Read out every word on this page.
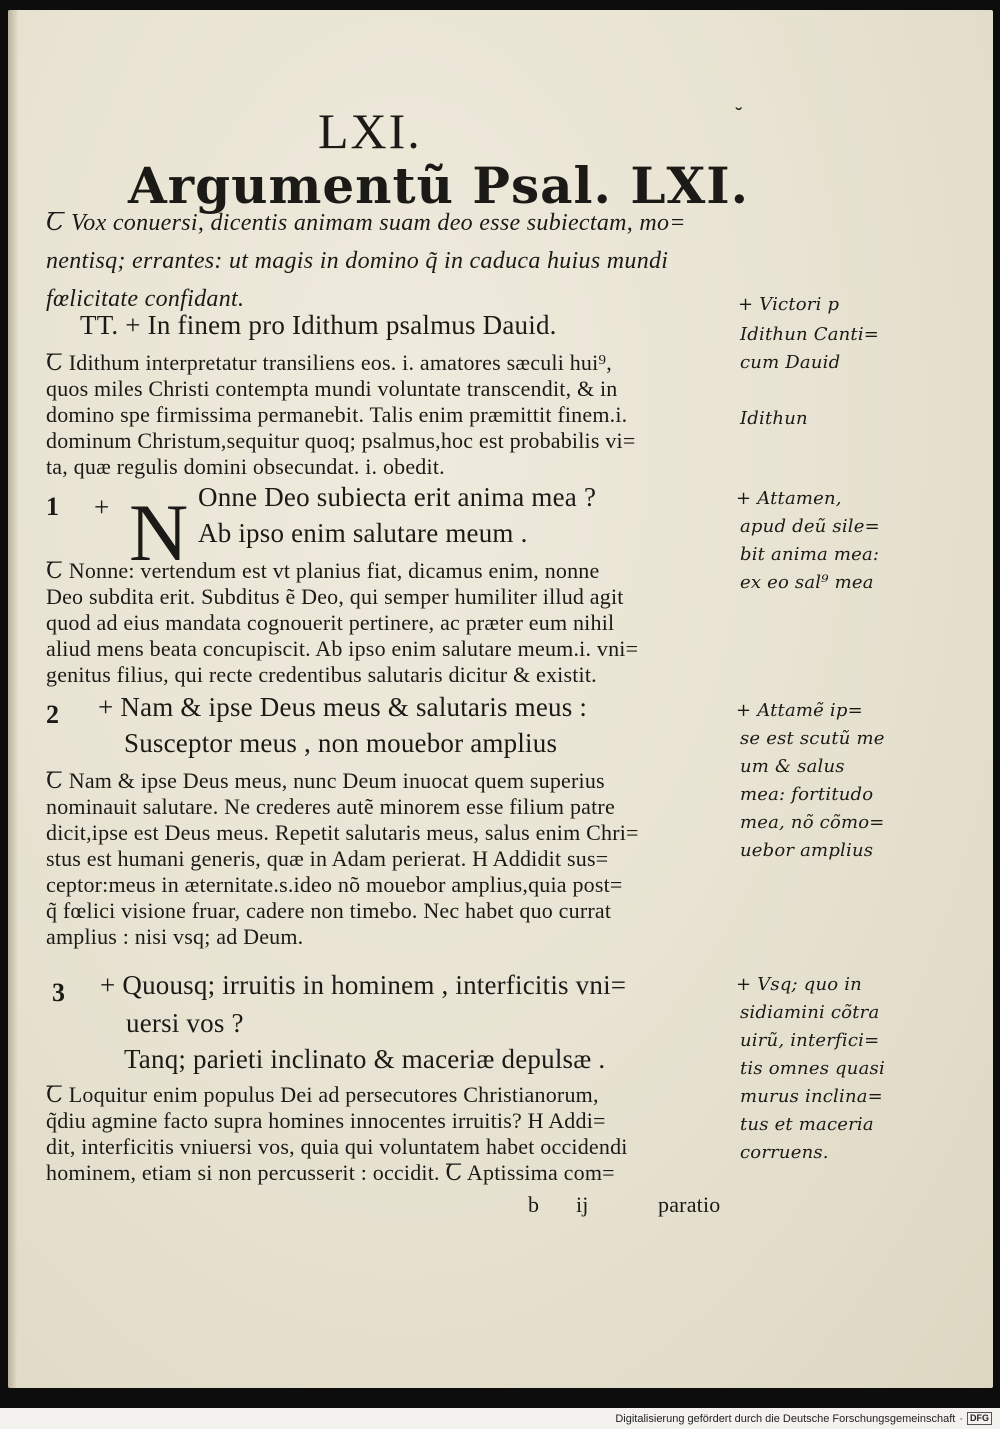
LXI.	˘
Argumentũ Psal. LXI.
Ꞇ Vox conuersi, dicentis animam suam deo esse subiectam, mo=
nentisq; errantes: ut magis in domino q̃ in caduca huius mundi
fœlicitate confidant.
TT. + In finem pro Idithum psalmus Dauid.
Ꞇ Idithum interpretatur transiliens eos. i. amatores sæculi hui⁹,
quos miles Christi contempta mundi voluntate transcendit, & in
domino spe firmissima permanebit. Talis enim præmittit finem.i.
dominum Christum,sequitur quoq; psalmus,hoc est probabilis vi=
ta, quæ regulis domini obsecundat. i. obedit.
1 + N Onne Deo subiecta erit anima mea ?
Ab ipso enim salutare meum .
Ꞇ Nonne: vertendum est vt planius fiat, dicamus enim, nonne
Deo subdita erit. Subditus ẽ Deo, qui semper humiliter illud agit
quod ad eius mandata cognouerit pertinere, ac præter eum nihil
aliud mens beata concupiscit. Ab ipso enim salutare meum.i. vni=
genitus filius, qui recte credentibus salutaris dicitur & existit.
2 + Nam & ipse Deus meus & salutaris meus :
Susceptor meus , non mouebor amplius
Ꞇ Nam & ipse Deus meus, nunc Deum inuocat quem superius
nominauit salutare. Ne crederes autẽ minorem esse filium patre
dicit,ipse est Deus meus. Repetit salutaris meus, salus enim Chri=
stus est humani generis, quæ in Adam perierat. H Addidit sus=
ceptor:meus in æternitate.s.ideo nõ mouebor amplius,quia post=
q̃ fœlici visione fruar, cadere non timebo. Nec habet quo currat
amplius : nisi vsq; ad Deum.
3 + Quousq; irruitis in hominem , interficitis vni=
uersi vos ?
Tanq; parieti inclinato & maceriæ depulsæ .
Ꞇ Loquitur enim populus Dei ad persecutores Christianorum,
q̃diu agmine facto supra homines innocentes irruitis? H Addi=
dit, interficitis vniuersi vos, quia qui voluntatem habet occidendi
hominem, etiam si non percusserit : occidit. Ꞇ Aptissima com=
b ij	paratio
+ Victori p
Idithun Canti=
cum Dauid
Idithun
+ Attamen,
apud deũ sile=
bit anima mea:
ex eo sal⁹ mea
+ Attamẽ ip=
se est scutũ me
um & salus
mea: fortitudo
mea, nõ cõmo=
uebor amplius
+ Vsq; quo in
sidiamini cõtra
uirũ, interfici=
tis omnes quasi
murus inclina=
tus et maceria
corruens.
Digitalisierung gefördert durch die Deutsche Forschungsgemeinschaft · DFG
